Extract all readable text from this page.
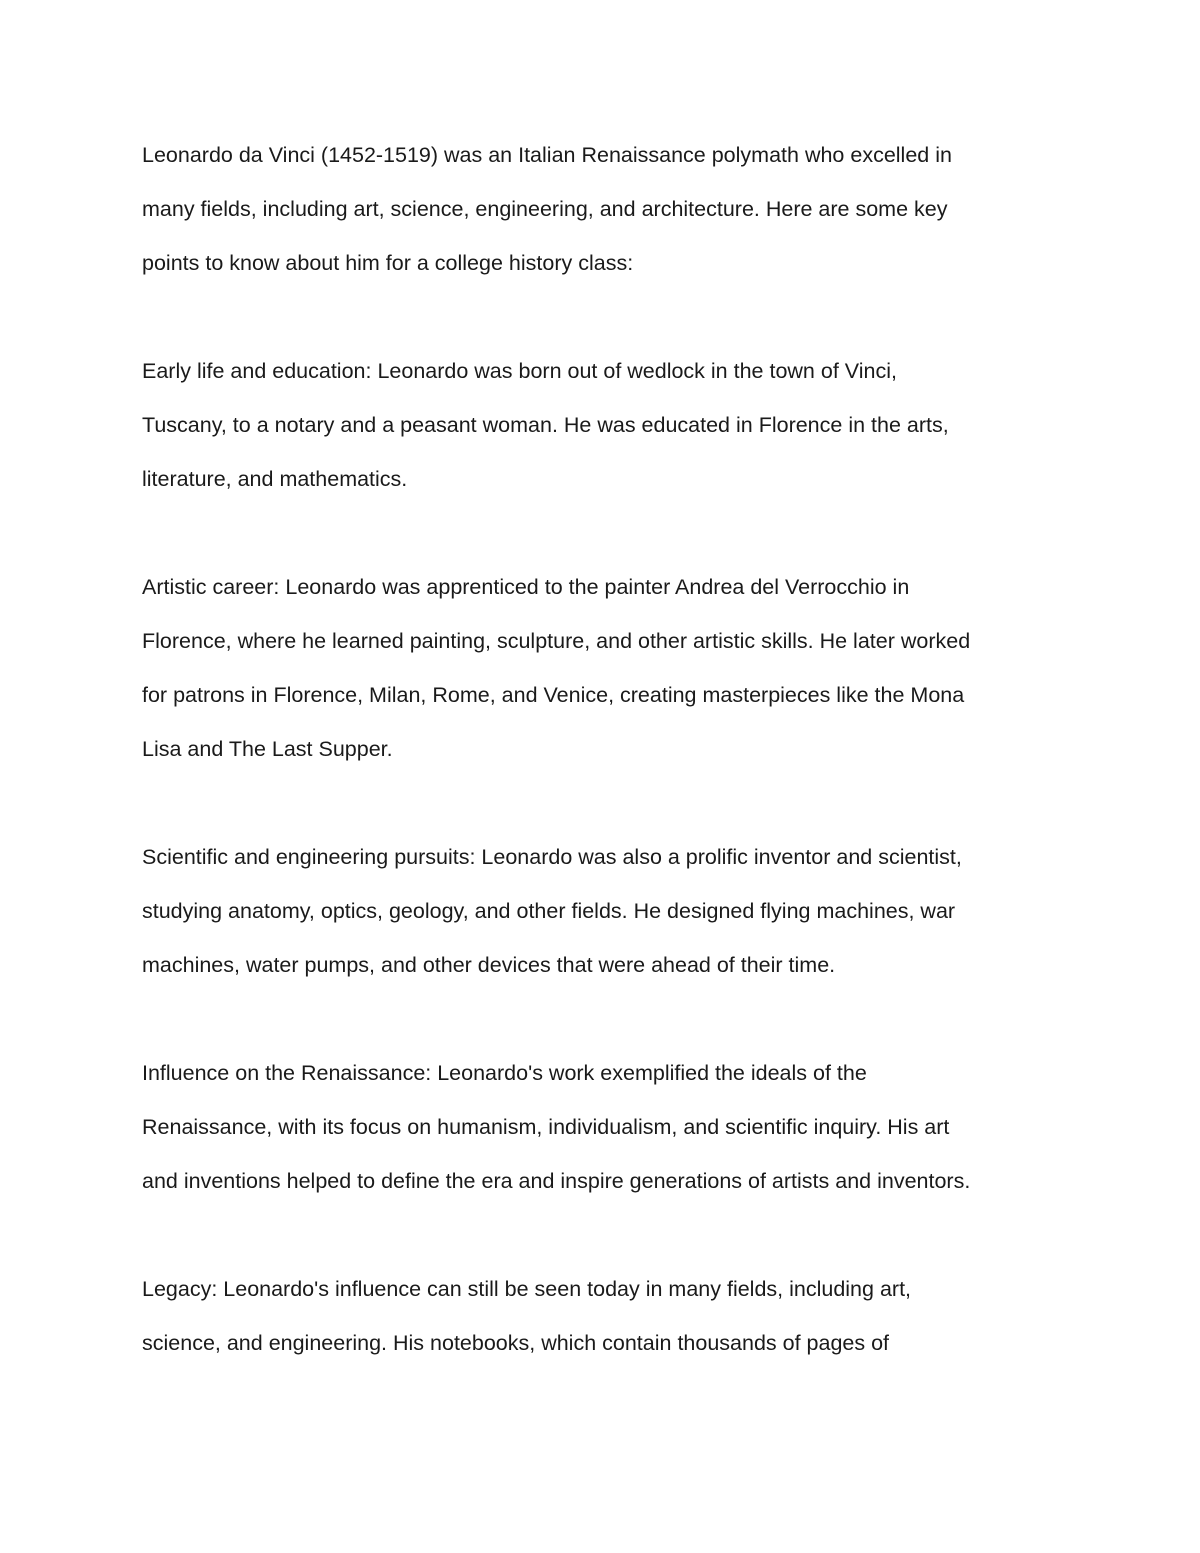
Leonardo da Vinci (1452-1519) was an Italian Renaissance polymath who excelled in
many fields, including art, science, engineering, and architecture. Here are some key
points to know about him for a college history class:

Early life and education: Leonardo was born out of wedlock in the town of Vinci,
Tuscany, to a notary and a peasant woman. He was educated in Florence in the arts,
literature, and mathematics.

Artistic career: Leonardo was apprenticed to the painter Andrea del Verrocchio in
Florence, where he learned painting, sculpture, and other artistic skills. He later worked
for patrons in Florence, Milan, Rome, and Venice, creating masterpieces like the Mona
Lisa and The Last Supper.

Scientific and engineering pursuits: Leonardo was also a prolific inventor and scientist,
studying anatomy, optics, geology, and other fields. He designed flying machines, war
machines, water pumps, and other devices that were ahead of their time.

Influence on the Renaissance: Leonardo's work exemplified the ideals of the
Renaissance, with its focus on humanism, individualism, and scientific inquiry. His art
and inventions helped to define the era and inspire generations of artists and inventors.

Legacy: Leonardo's influence can still be seen today in many fields, including art,
science, and engineering. His notebooks, which contain thousands of pages of
